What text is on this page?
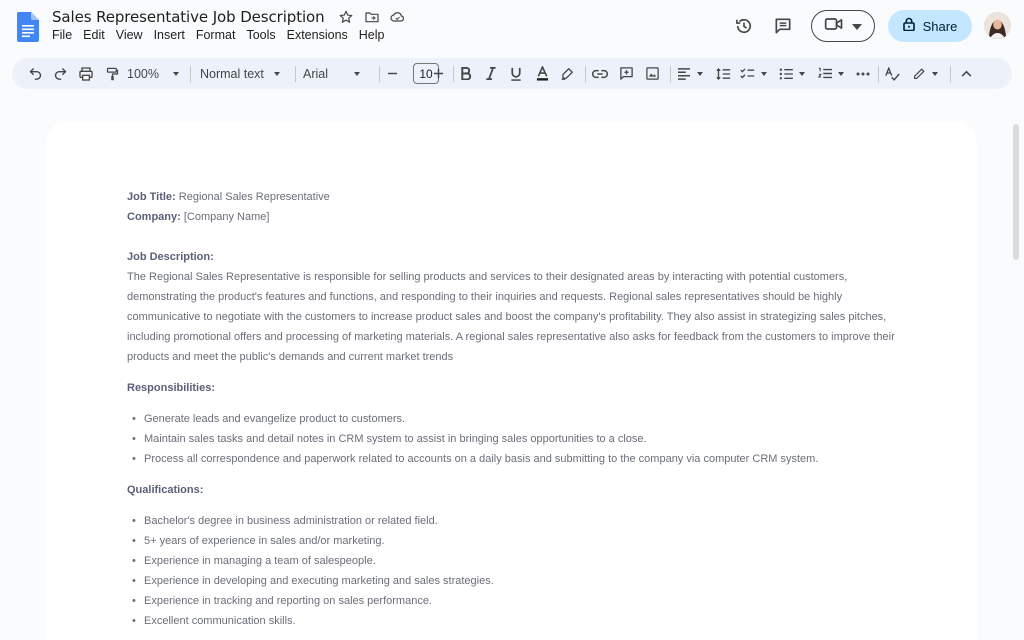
Sales Representative Job Description
File Edit View Insert Format Tools Extensions Help
Share
100%	Normal text	Arial	10
Job Title: Regional Sales Representative
Company: [Company Name]
Job Description:
The Regional Sales Representative is responsible for selling products and services to their designated areas by interacting with potential customers, demonstrating the product's features and functions, and responding to their inquiries and requests. Regional sales representatives should be highly communicative to negotiate with the customers to increase product sales and boost the company's profitability. They also assist in strategizing sales pitches, including promotional offers and processing of marketing materials. A regional sales representative also asks for feedback from the customers to improve their products and meet the public's demands and current market trends
Responsibilities:
• Generate leads and evangelize product to customers.
• Maintain sales tasks and detail notes in CRM system to assist in bringing sales opportunities to a close.
• Process all correspondence and paperwork related to accounts on a daily basis and submitting to the company via computer CRM system.
Qualifications:
• Bachelor's degree in business administration or related field.
• 5+ years of experience in sales and/or marketing.
• Experience in managing a team of salespeople.
• Experience in developing and executing marketing and sales strategies.
• Experience in tracking and reporting on sales performance.
• Excellent communication skills.
